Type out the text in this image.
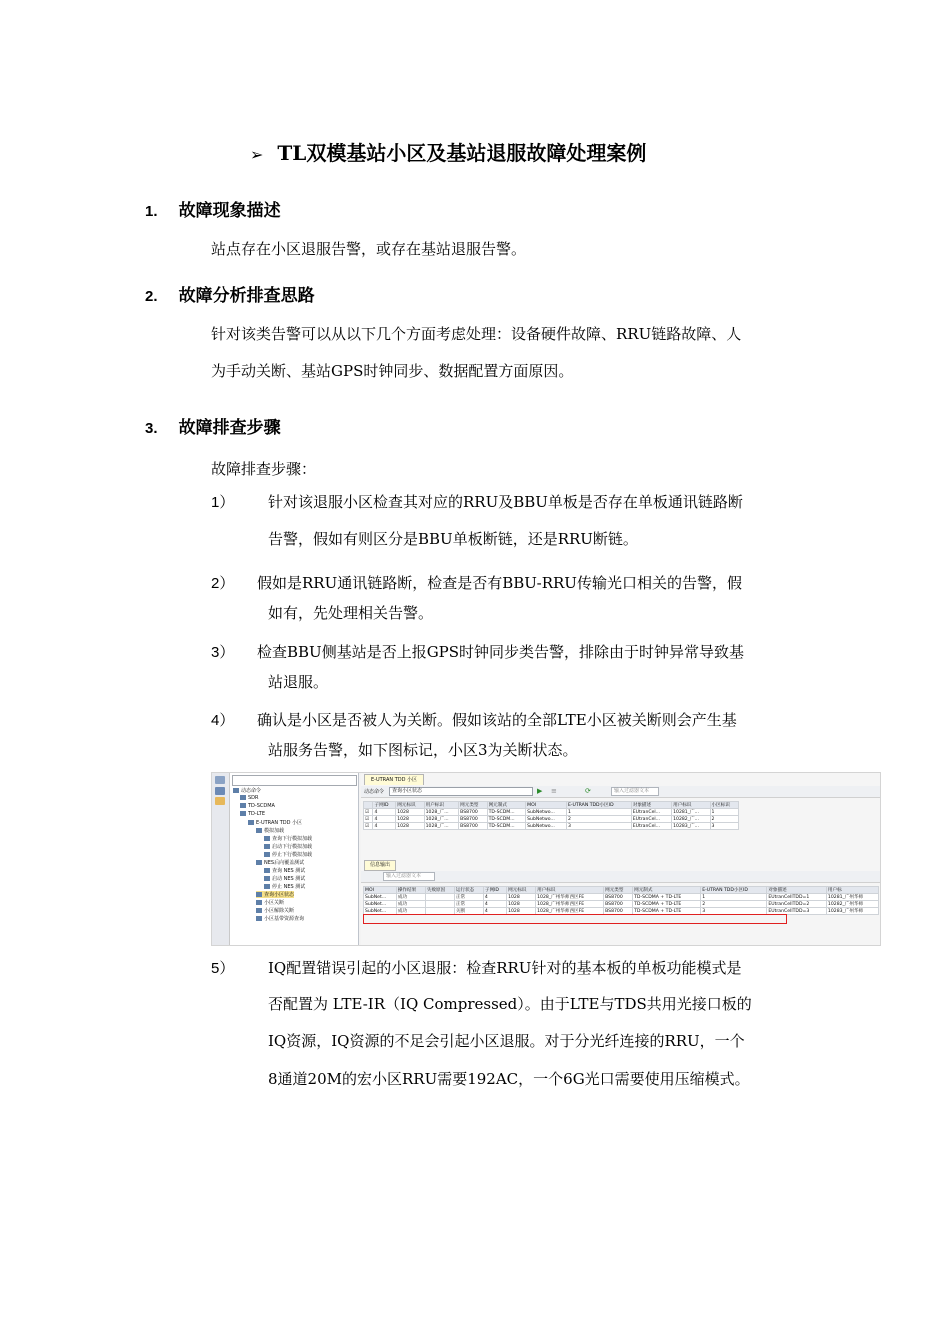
➢ TL双模基站小区及基站退服故障处理案例
1. 故障现象描述
站点存在小区退服告警，或存在基站退服告警。
2. 故障分析排查思路
针对该类告警可以从以下几个方面考虑处理：设备硬件故障、RRU链路故障、人
为手动关断、基站GPS时钟同步、数据配置方面原因。
3. 故障排查步骤
故障排查步骤：
1） 针对该退服小区检查其对应的RRU及BBU单板是否存在单板通讯链路断
告警，假如有则区分是BBU单板断链，还是RRU断链。
2） 假如是RRU通讯链路断，检查是否有BBU-RRU传输光口相关的告警，假
如有，先处理相关告警。
3） 检查BBU侧基站是否上报GPS时钟同步类告警，排除由于时钟异常导致基
站退服。
4） 确认是小区是否被人为关断。假如该站的全部LTE小区被关断则会产生基
站服务告警，如下图标记，小区3为关断状态。
动态命令
SDR
TD-SCDMA
TD-LTE
E-UTRAN TDD 小区
模拟加载
查询下行模拟加载
启动下行模拟加载
停止下行模拟加载
NES后向覆盖测试
查询 NES 测试
启动 NES 测试
停止 NES 测试
查询小区状态
小区关断
小区解除关断
小区基带资源查询
E-UTRAN TDD 小区
动态命令	查询小区状态	▶ ≡	⟳	输入过滤器文本
	子网ID	网元标识	用户标识	网元类型	网元制式	MOI	E-UTRAN TDD小区ID	对象描述	用户标识	小区标识
☑	4	1028	1028_广...	BS8700	TD-SCDM...	SubNetwo...	1	EUtranCel...	10281_广...	1
☑	4	1028	1028_广...	BS8700	TD-SCDM...	SubNetwo...	2	EUtranCel...	10282_广...	2
☑	4	1028	1028_广...	BS8700	TD-SCDM...	SubNetwo...	3	EUtranCel...	10283_广...	3
信息输出
输入过滤器文本
MOI	操作结果	失败原因	运行状态	子网ID	网元标识	用户标识	网元类型	网元制式	E-UTRAN TDD小区ID	对象描述	用户标
SubNet...	成功		正常	4	1028	1028_广州华师西区FE	BS8700	TD-SCDMA + TD-LTE	1	EUtranCellTDD=1	10281_广州华师
SubNet...	成功		正常	4	1028	1028_广州华师西区FE	BS8700	TD-SCDMA + TD-LTE	2	EUtranCellTDD=2	10282_广州华师
SubNet...	成功		关断	4	1028	1028_广州华师西区FE	BS8700	TD-SCDMA + TD-LTE	3	EUtranCellTDD=3	10283_广州华师
5） IQ配置错误引起的小区退服：检查RRU针对的基本板的单板功能模式是
否配置为 LTE-IR（IQ Compressed）。由于LTE与TDS共用光接口板的
IQ资源，IQ资源的不足会引起小区退服。对于分光纤连接的RRU，一个
8通道20M的宏小区RRU需要192AC，一个6G光口需要使用压缩模式。
